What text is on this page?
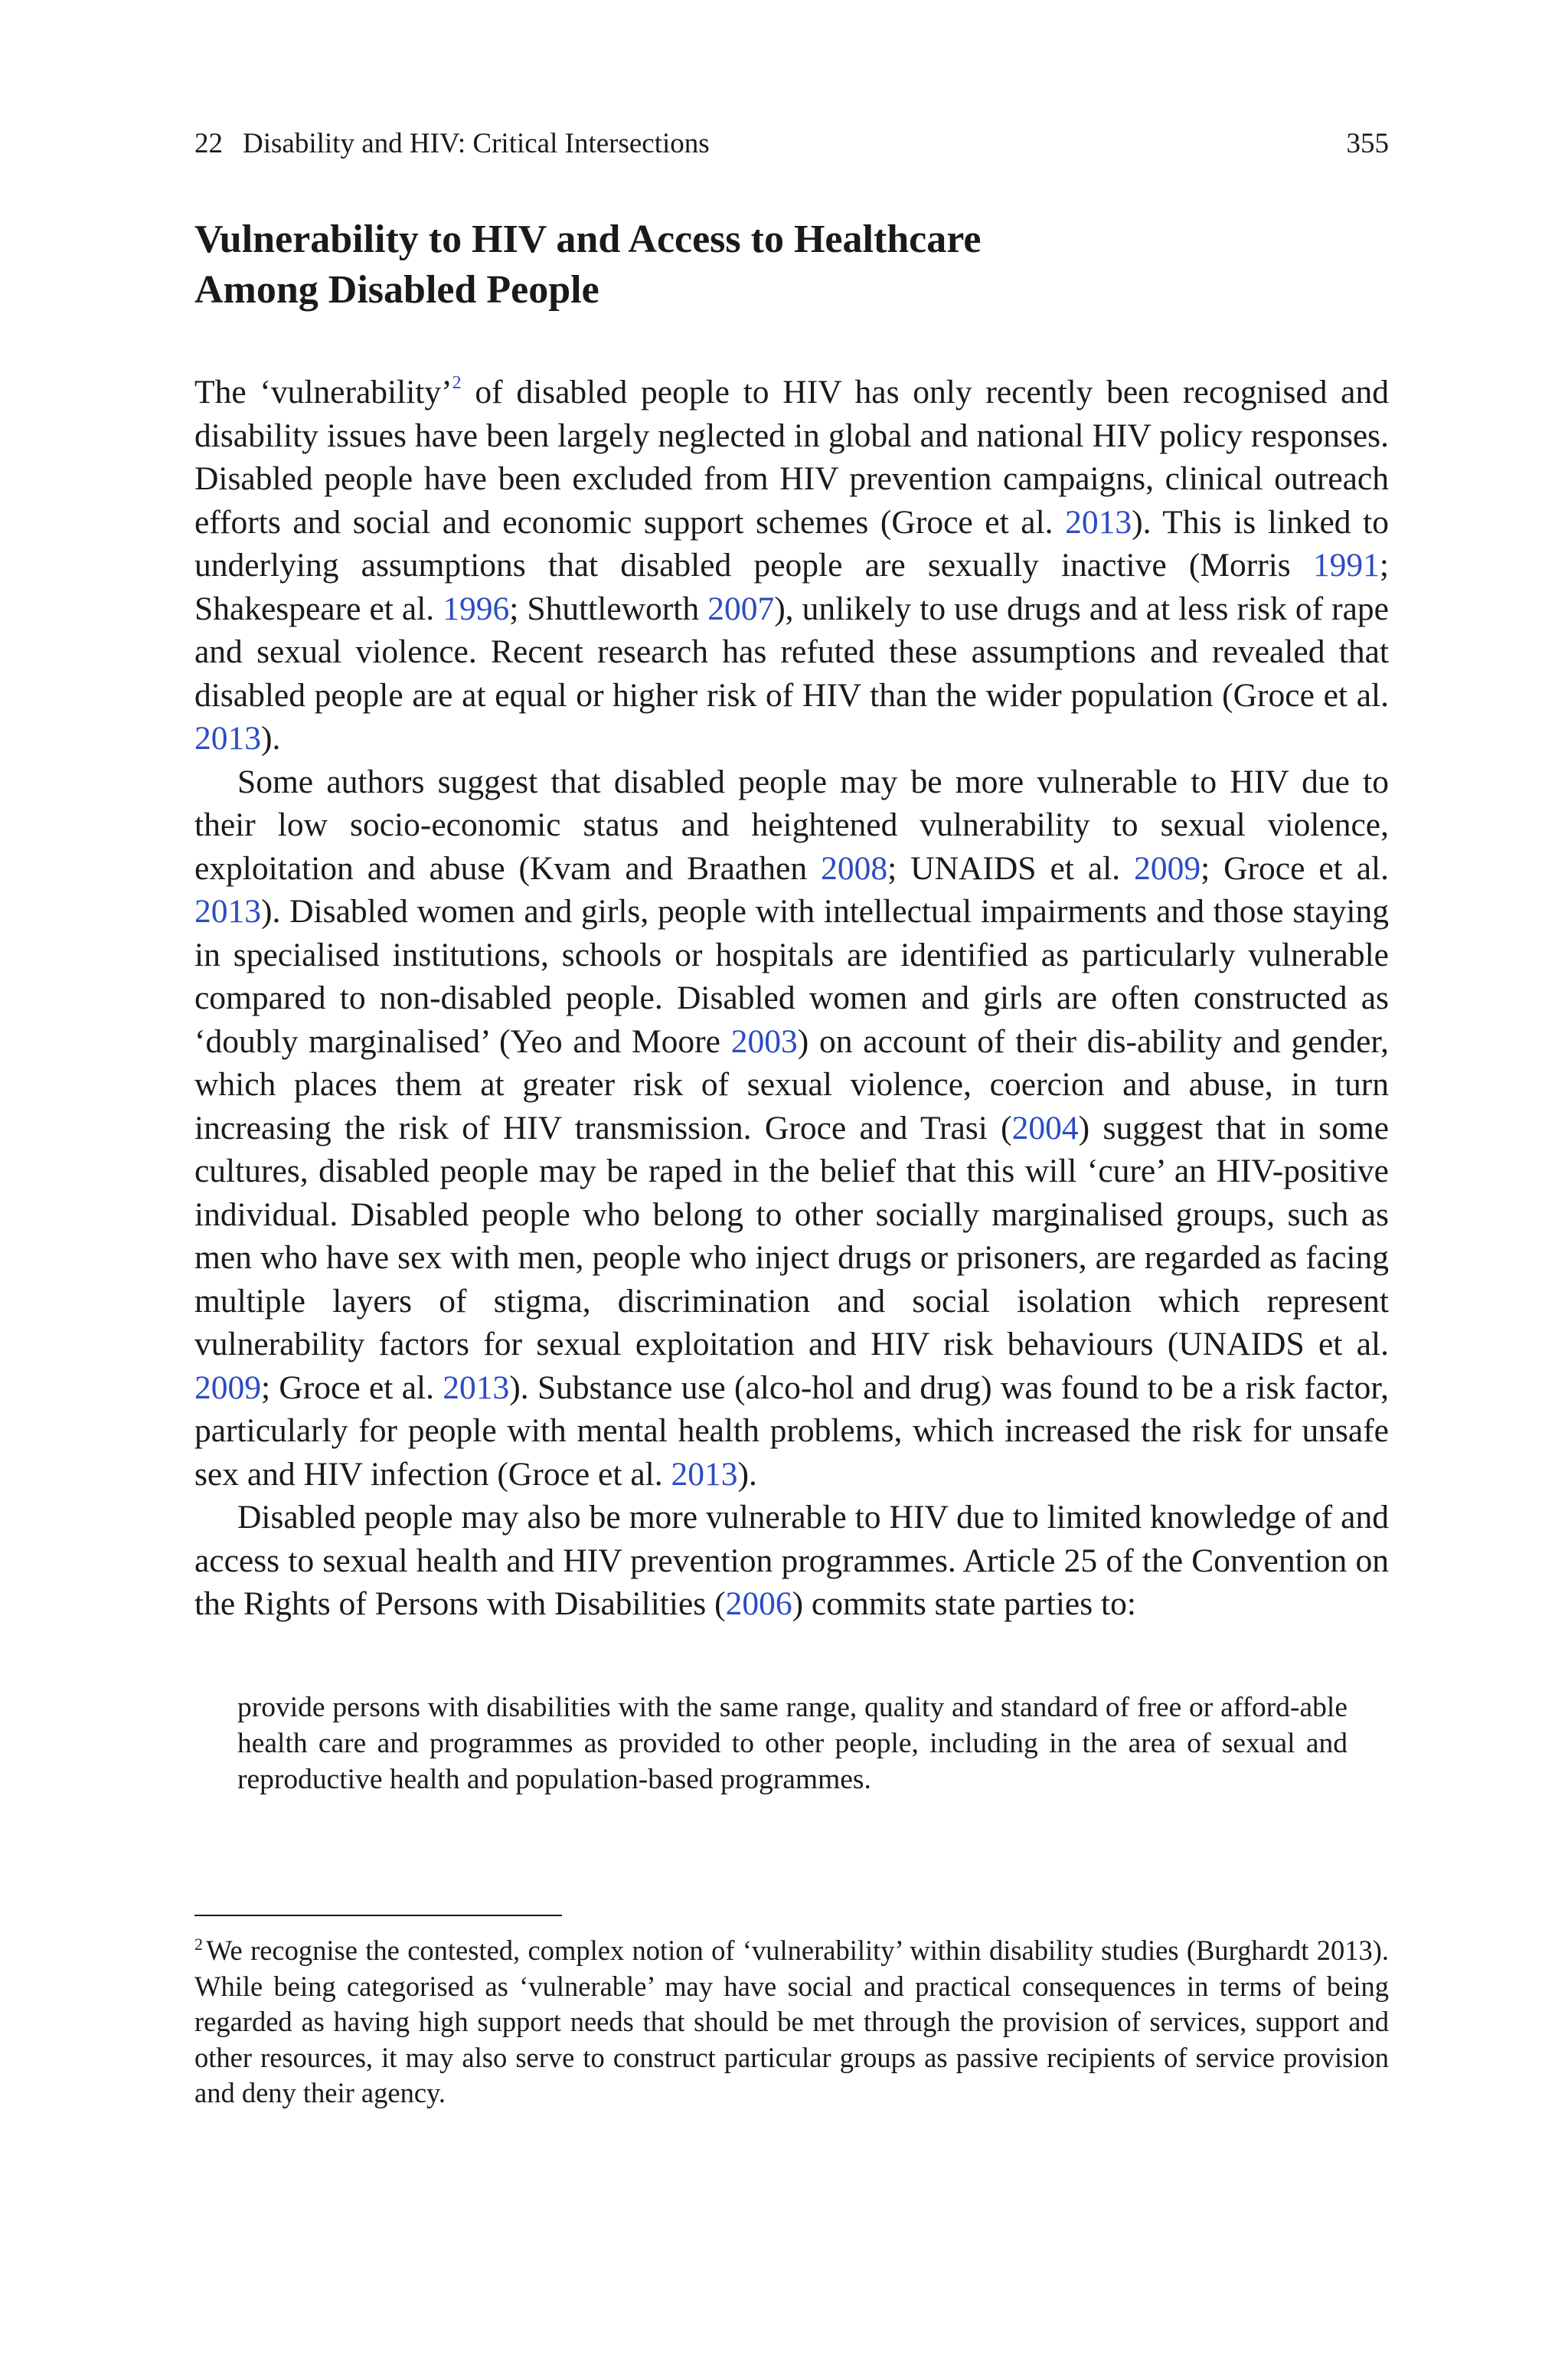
22 Disability and HIV: Critical Intersections	355
Vulnerability to HIV and Access to Healthcare
Among Disabled People

The ‘vulnerability’$^2$ of disabled people to HIV has only recently been recognised and disability issues have been largely neglected in global and national HIV policy responses. Disabled people have been excluded from HIV prevention campaigns, clinical outreach efforts and social and economic support schemes (Groce et al. 2013). This is linked to underlying assumptions that disabled people are sexually inactive (Morris 1991; Shakespeare et al. 1996; Shuttleworth 2007), unlikely to use drugs and at less risk of rape and sexual violence. Recent research has refuted these assumptions and revealed that disabled people are at equal or higher risk of HIV than the wider population (Groce et al. 2013).

Some authors suggest that disabled people may be more vulnerable to HIV due to their low socio-economic status and heightened vulnerability to sexual violence, exploitation and abuse (Kvam and Braathen 2008; UNAIDS et al. 2009; Groce et al. 2013). Disabled women and girls, people with intellectual impairments and those staying in specialised institutions, schools or hospitals are identified as particularly vulnerable compared to non-disabled people. Disabled women and girls are often constructed as ‘doubly marginalised’ (Yeo and Moore 2003) on account of their dis-ability and gender, which places them at greater risk of sexual violence, coercion and abuse, in turn increasing the risk of HIV transmission. Groce and Trasi (2004) suggest that in some cultures, disabled people may be raped in the belief that this will ‘cure’ an HIV-positive individual. Disabled people who belong to other socially marginalised groups, such as men who have sex with men, people who inject drugs or prisoners, are regarded as facing multiple layers of stigma, discrimination and social isolation which represent vulnerability factors for sexual exploitation and HIV risk behaviours (UNAIDS et al. 2009; Groce et al. 2013). Substance use (alco-hol and drug) was found to be a risk factor, particularly for people with mental health problems, which increased the risk for unsafe sex and HIV infection (Groce et al. 2013).

Disabled people may also be more vulnerable to HIV due to limited knowledge of and access to sexual health and HIV prevention programmes. Article 25 of the Convention on the Rights of Persons with Disabilities (2006) commits state parties to:

provide persons with disabilities with the same range, quality and standard of free or afford-able health care and programmes as provided to other people, including in the area of sexual and reproductive health and population-based programmes.

$^2$ We recognise the contested, complex notion of ‘vulnerability’ within disability studies (Burghardt 2013). While being categorised as ‘vulnerable’ may have social and practical consequences in terms of being regarded as having high support needs that should be met through the provision of services, support and other resources, it may also serve to construct particular groups as passive recipients of service provision and deny their agency.
